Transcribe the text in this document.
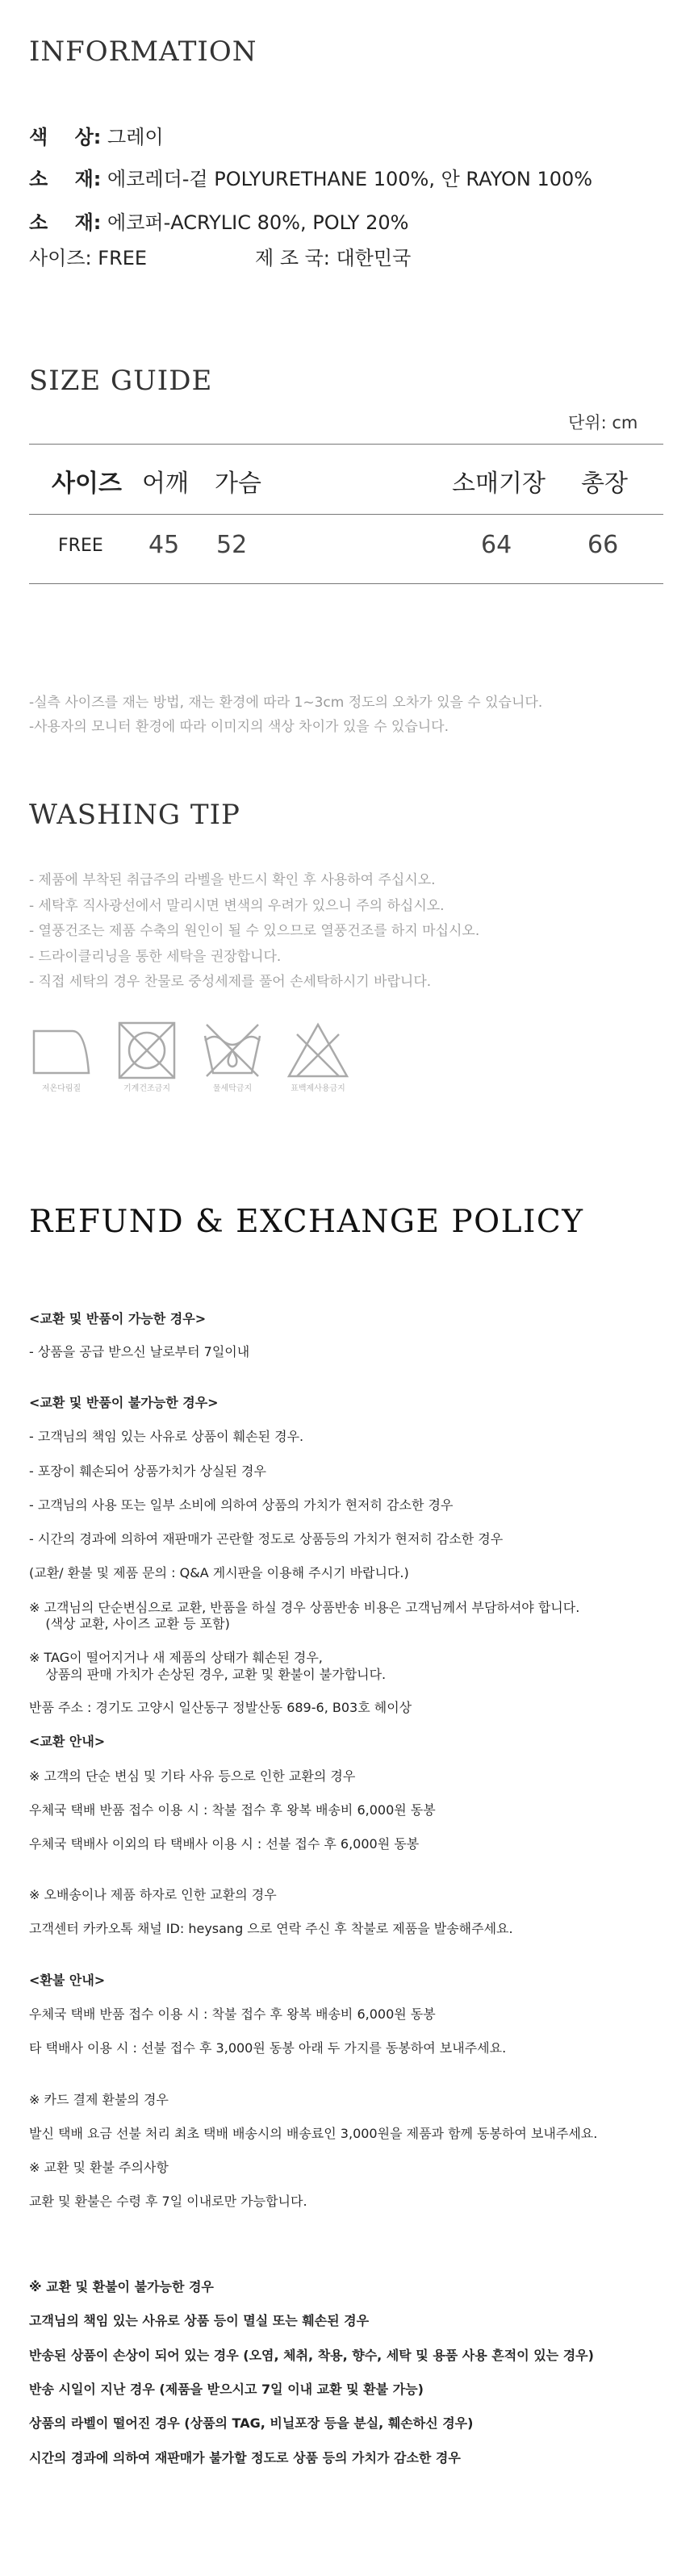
INFORMATION
색    상: 그레이
소    재: 에코레더-겉 POLYURETHANE 100%, 안 RAYON 100%
소    재: 에코퍼-ACRYLIC 80%, POLY 20%
사이즈: FREE	제 조 국: 대한민국
SIZE GUIDE
단위: cm
사이즈 어깨 가슴	소매기장 총장
FREE 45 52	64	66
-실측 사이즈를 재는 방법, 재는 환경에 따라 1~3cm 정도의 오차가 있을 수 있습니다.
-사용자의 모니터 환경에 따라 이미지의 색상 차이가 있을 수 있습니다.
WASHING TIP
- 제품에 부착된 취급주의 라벨을 반드시 확인 후 사용하여 주십시오.
- 세탁후 직사광선에서 말리시면 변색의 우려가 있으니 주의 하십시오.
- 열풍건조는 제품 수축의 원인이 될 수 있으므로 열풍건조를 하지 마십시오.
- 드라이클리닝을 통한 세탁을 권장합니다.
- 직접 세탁의 경우 찬물로 중성세제를 풀어 손세탁하시기 바랍니다.
저온다림질	기계건조금지	물세탁금지	표백제사용금지
REFUND & EXCHANGE POLICY
<교환 및 반품이 가능한 경우>
- 상품을 공급 받으신 날로부터 7일이내
<교환 및 반품이 불가능한 경우>
- 고객님의 책임 있는 사유로 상품이 훼손된 경우.
- 포장이 훼손되어 상품가치가 상실된 경우
- 고객님의 사용 또는 일부 소비에 의하여 상품의 가치가 현저히 감소한 경우
- 시간의 경과에 의하여 재판매가 곤란할 정도로 상품등의 가치가 현저히 감소한 경우
(교환/ 환불 및 제품 문의 : Q&A 게시판을 이용해 주시기 바랍니다.)
※ 고객님의 단순변심으로 교환, 반품을 하실 경우 상품반송 비용은 고객님께서 부담하셔야 합니다.
(색상 교환, 사이즈 교환 등 포함)
※ TAG이 떨어지거나 새 제품의 상태가 훼손된 경우,
상품의 판매 가치가 손상된 경우, 교환 및 환불이 불가합니다.
반품 주소 : 경기도 고양시 일산동구 정발산동 689-6, B03호 헤이상
<교환 안내>
※ 고객의 단순 변심 및 기타 사유 등으로 인한 교환의 경우
우체국 택배 반품 접수 이용 시 : 착불 접수 후 왕복 배송비 6,000원 동봉
우체국 택배사 이외의 타 택배사 이용 시 : 선불 접수 후 6,000원 동봉
※ 오배송이나 제품 하자로 인한 교환의 경우
고객센터 카카오톡 채널 ID: heysang 으로 연락 주신 후 착불로 제품을 발송해주세요.
<환불 안내>
우체국 택배 반품 접수 이용 시 : 착불 접수 후 왕복 배송비 6,000원 동봉
타 택배사 이용 시 : 선불 접수 후 3,000원 동봉 아래 두 가지를 동봉하여 보내주세요.
※ 카드 결제 환불의 경우
발신 택배 요금 선불 처리 최초 택배 배송시의 배송료인 3,000원을 제품과 함께 동봉하여 보내주세요.
※ 교환 및 환불 주의사항
교환 및 환불은 수령 후 7일 이내로만 가능합니다.
※ 교환 및 환불이 불가능한 경우
고객님의 책임 있는 사유로 상품 등이 멸실 또는 훼손된 경우
반송된 상품이 손상이 되어 있는 경우 (오염, 체취, 착용, 향수, 세탁 및 용품 사용 흔적이 있는 경우)
반송 시일이 지난 경우 (제품을 받으시고 7일 이내 교환 및 환불 가능)
상품의 라벨이 떨어진 경우 (상품의 TAG, 비닐포장 등을 분실, 훼손하신 경우)
시간의 경과에 의하여 재판매가 불가할 정도로 상품 등의 가치가 감소한 경우
